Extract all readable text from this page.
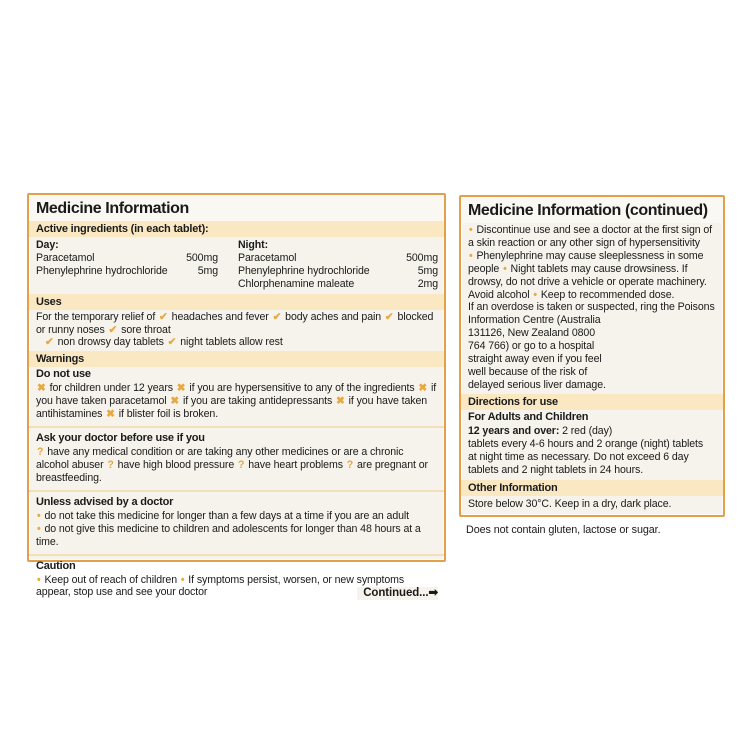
Medicine Information
Active ingredients (in each tablet):
Day:
Paracetamol	500mg
Phenylephrine hydrochloride	5mg
Night:
Paracetamol	500mg
Phenylephrine hydrochloride	5mg
Chlorphenamine maleate	2mg
Uses
For the temporary relief of ✔ headaches and fever ✔ body aches and pain ✔ blocked or runny noses ✔ sore throat
✔ non drowsy day tablets ✔ night tablets allow rest
Warnings
Do not use
✖ for children under 12 years ✖ if you are hypersensitive to any of the ingredients ✖ if you have taken paracetamol ✖ if you are taking antidepressants ✖ if you have taken antihistamines ✖ if blister foil is broken.
Ask your doctor before use if you
? have any medical condition or are taking any other medicines or are a chronic alcohol abuser ? have high blood pressure ? have heart problems ? are pregnant or breastfeeding.
Unless advised by a doctor
• do not take this medicine for longer than a few days at a time if you are an adult
• do not give this medicine to children and adolescents for longer than 48 hours at a time.
Caution
• Keep out of reach of children • If symptoms persist, worsen, or new symptoms appear, stop use and see your doctor	Continued...➡
Medicine Information (continued)
• Discontinue use and see a doctor at the first sign of
a skin reaction or any other sign of hypersensitivity
• Phenylephrine may cause sleeplessness in some
people • Night tablets may cause drowsiness. If
drowsy, do not drive a vehicle or operate machinery.
Avoid alcohol • Keep to recommended dose.
If an overdose is taken or suspected, ring the Poisons
Information Centre (Australia
131126, New Zealand 0800
764 766) or go to a hospital
straight away even if you feel
well because of the risk of
delayed serious liver damage.
Directions for use
For Adults and Children
12 years and over: 2 red (day)
tablets every 4-6 hours and 2 orange (night) tablets
at night time as necessary. Do not exceed 6 day
tablets and 2 night tablets in 24 hours.
Other Information
Store below 30°C. Keep in a dry, dark place.
Does not contain gluten, lactose or sugar.
